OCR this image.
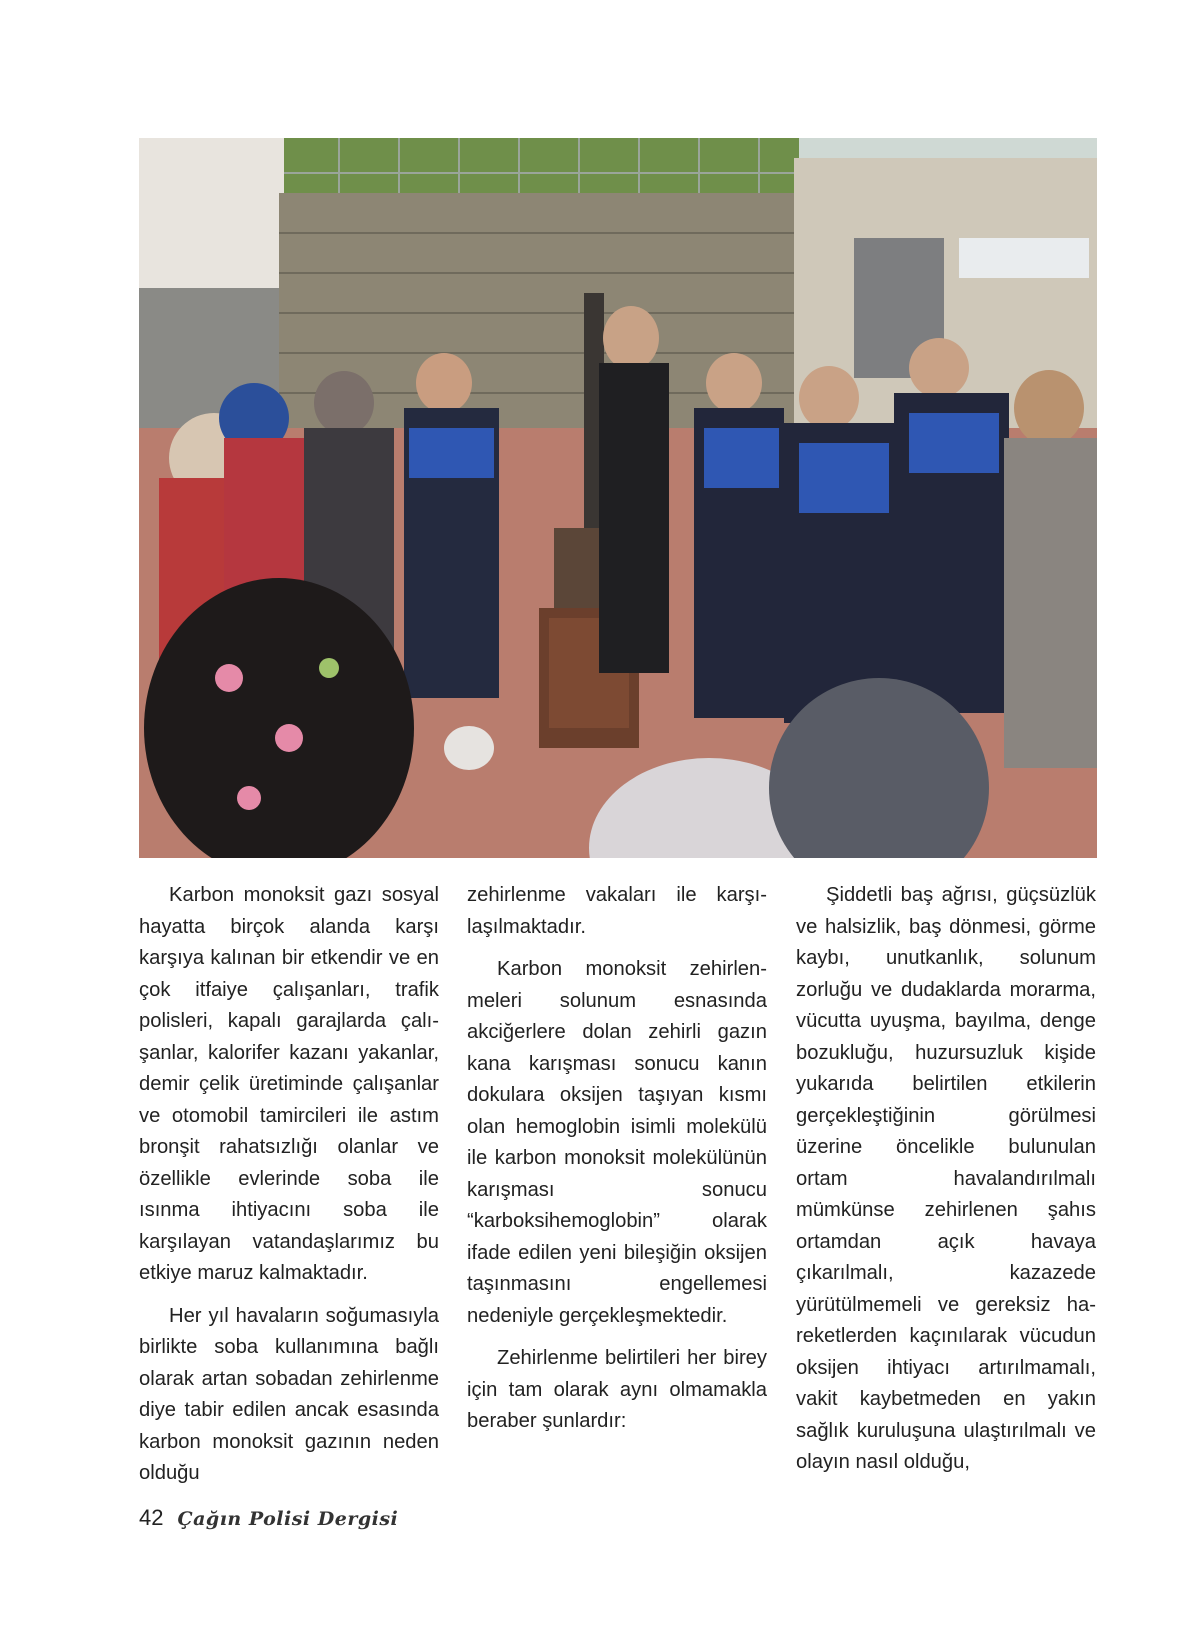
Karbon monoksit gazı sosyal hayatta birçok alanda karşı karşıya kalınan bir etkendir ve en çok itfaiye çalışanları, trafik polisleri, kapalı garajlarda çalışanlar, kalorifer kazanı yakanlar, demir çelik üretiminde çalışanlar ve otomobil tamircileri ile astım bronşit rahatsızlığı olanlar ve özellikle evlerinde soba ile ısınma ihtiyacını soba ile karşılayan vatandaşlarımız bu etkiye maruz kalmaktadır.

Her yıl havaların soğumasıyla birlikte soba kullanımına bağlı olarak artan sobadan zehirlenme diye tabir edilen ancak esasında karbon monoksit gazının neden olduğu

zehirlenme vakaları ile karşılaşılmaktadır.

Karbon monoksit zehirlenmeleri solunum esnasında akciğerlere dolan zehirli gazın kana karışması sonucu kanın dokulara oksijen taşıyan kısmı olan hemoglobin isimli molekülü ile karbon monoksit molekülünün karışması sonucu “karboksihemoglobin” olarak ifade edilen yeni bileşiğin oksijen taşınmasını engellemesi nedeniyle gerçekleşmektedir.

Zehirlenme belirtileri her birey için tam olarak aynı olmamakla beraber şunlardır:

Şiddetli baş ağrısı, güçsüzlük ve halsizlik, baş dönmesi, görme kaybı, unutkanlık, solunum zorluğu ve dudaklarda morarma, vücutta uyuşma, bayılma, denge bozukluğu, huzursuzluk kişide yukarıda belirtilen etkilerin gerçekleştiğinin görülmesi üzerine öncelikle bulunulan ortam havalandırılmalı mümkünse zehirlenen şahıs ortamdan açık havaya çıkarılmalı, kazazede yürütülmemeli ve gereksiz hareketlerden kaçınılarak vücudun oksijen ihtiyacı artırılmamalı, vakit kaybetmeden en yakın sağlık kuruluşuna ulaştırılmalı ve olayın nasıl olduğu,

42 Çağın Polisi Dergisi
